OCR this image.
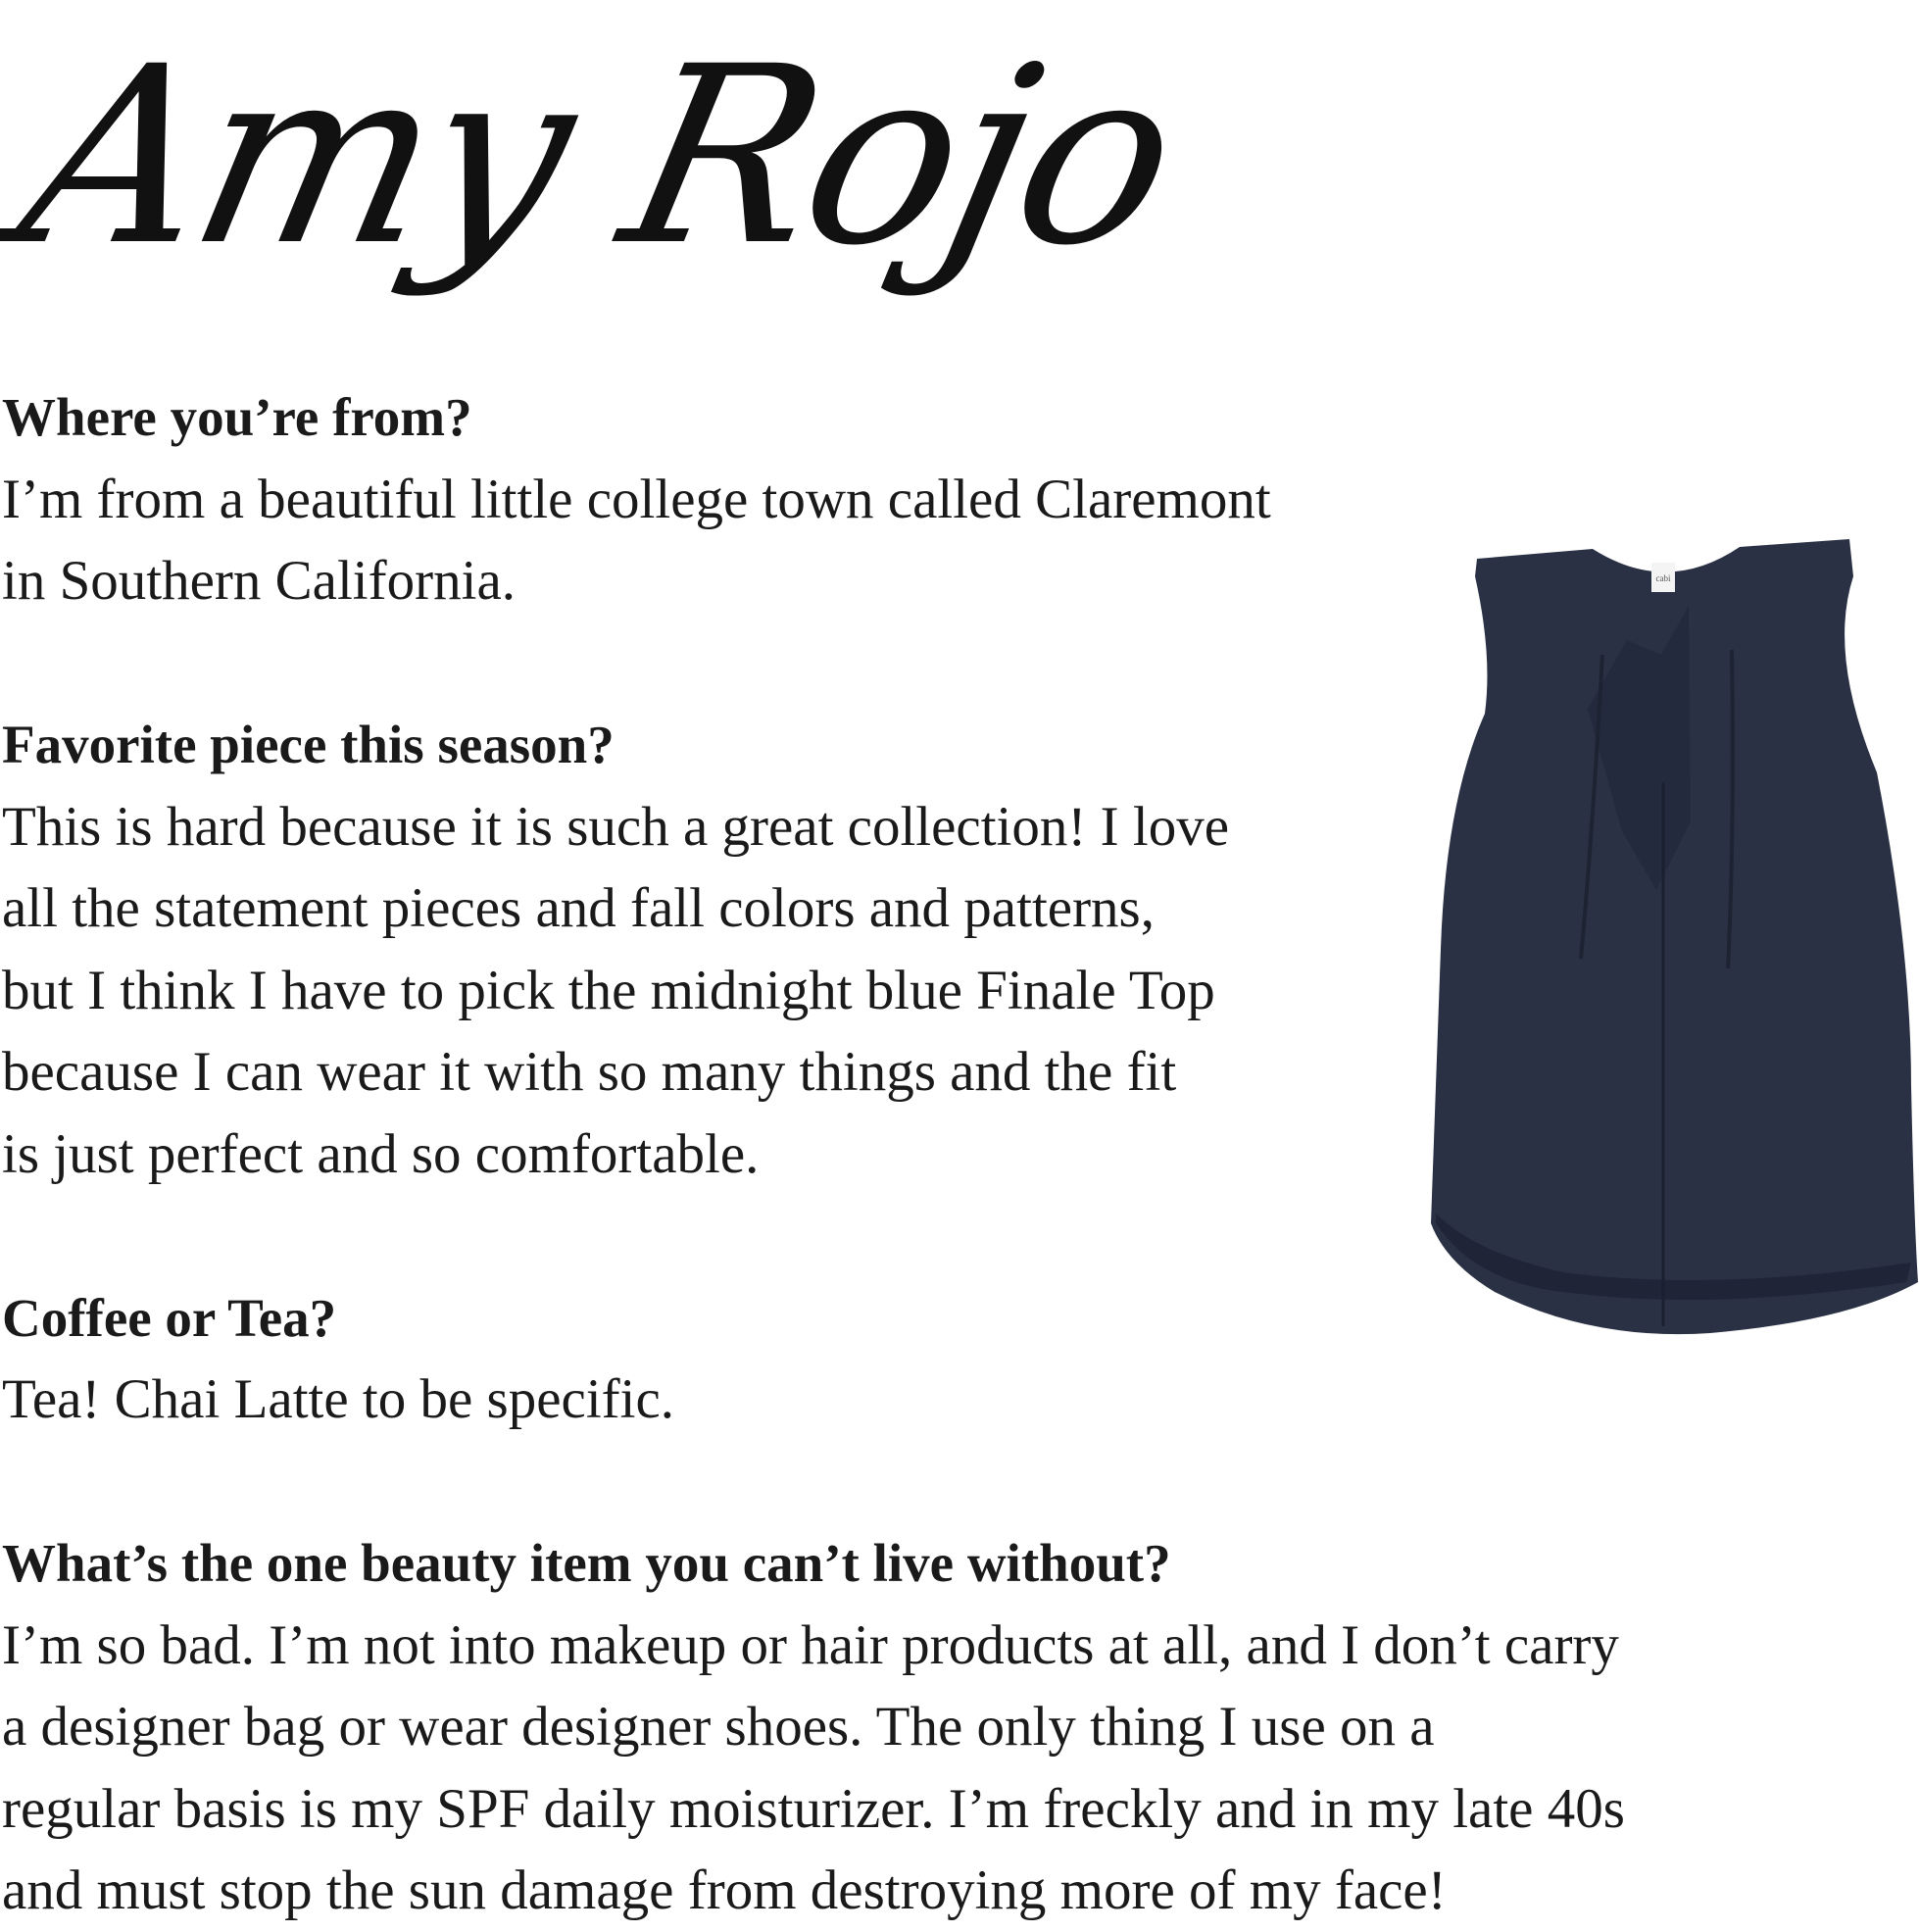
Amy Rojo
Where you’re from?
I’m from a beautiful little college town called Claremont
in Southern California.
Favorite piece this season?
This is hard because it is such a great collection! I love
all the statement pieces and fall colors and patterns,
but I think I have to pick the midnight blue Finale Top
because I can wear it with so many things and the fit
is just perfect and so comfortable.
Coffee or Tea?
Tea! Chai Latte to be specific.
What’s the one beauty item you can’t live without?
I’m so bad. I’m not into makeup or hair products at all, and I don’t carry
a designer bag or wear designer shoes. The only thing I use on a
regular basis is my SPF daily moisturizer. I’m freckly and in my late 40s
and must stop the sun damage from destroying more of my face!
cabi
